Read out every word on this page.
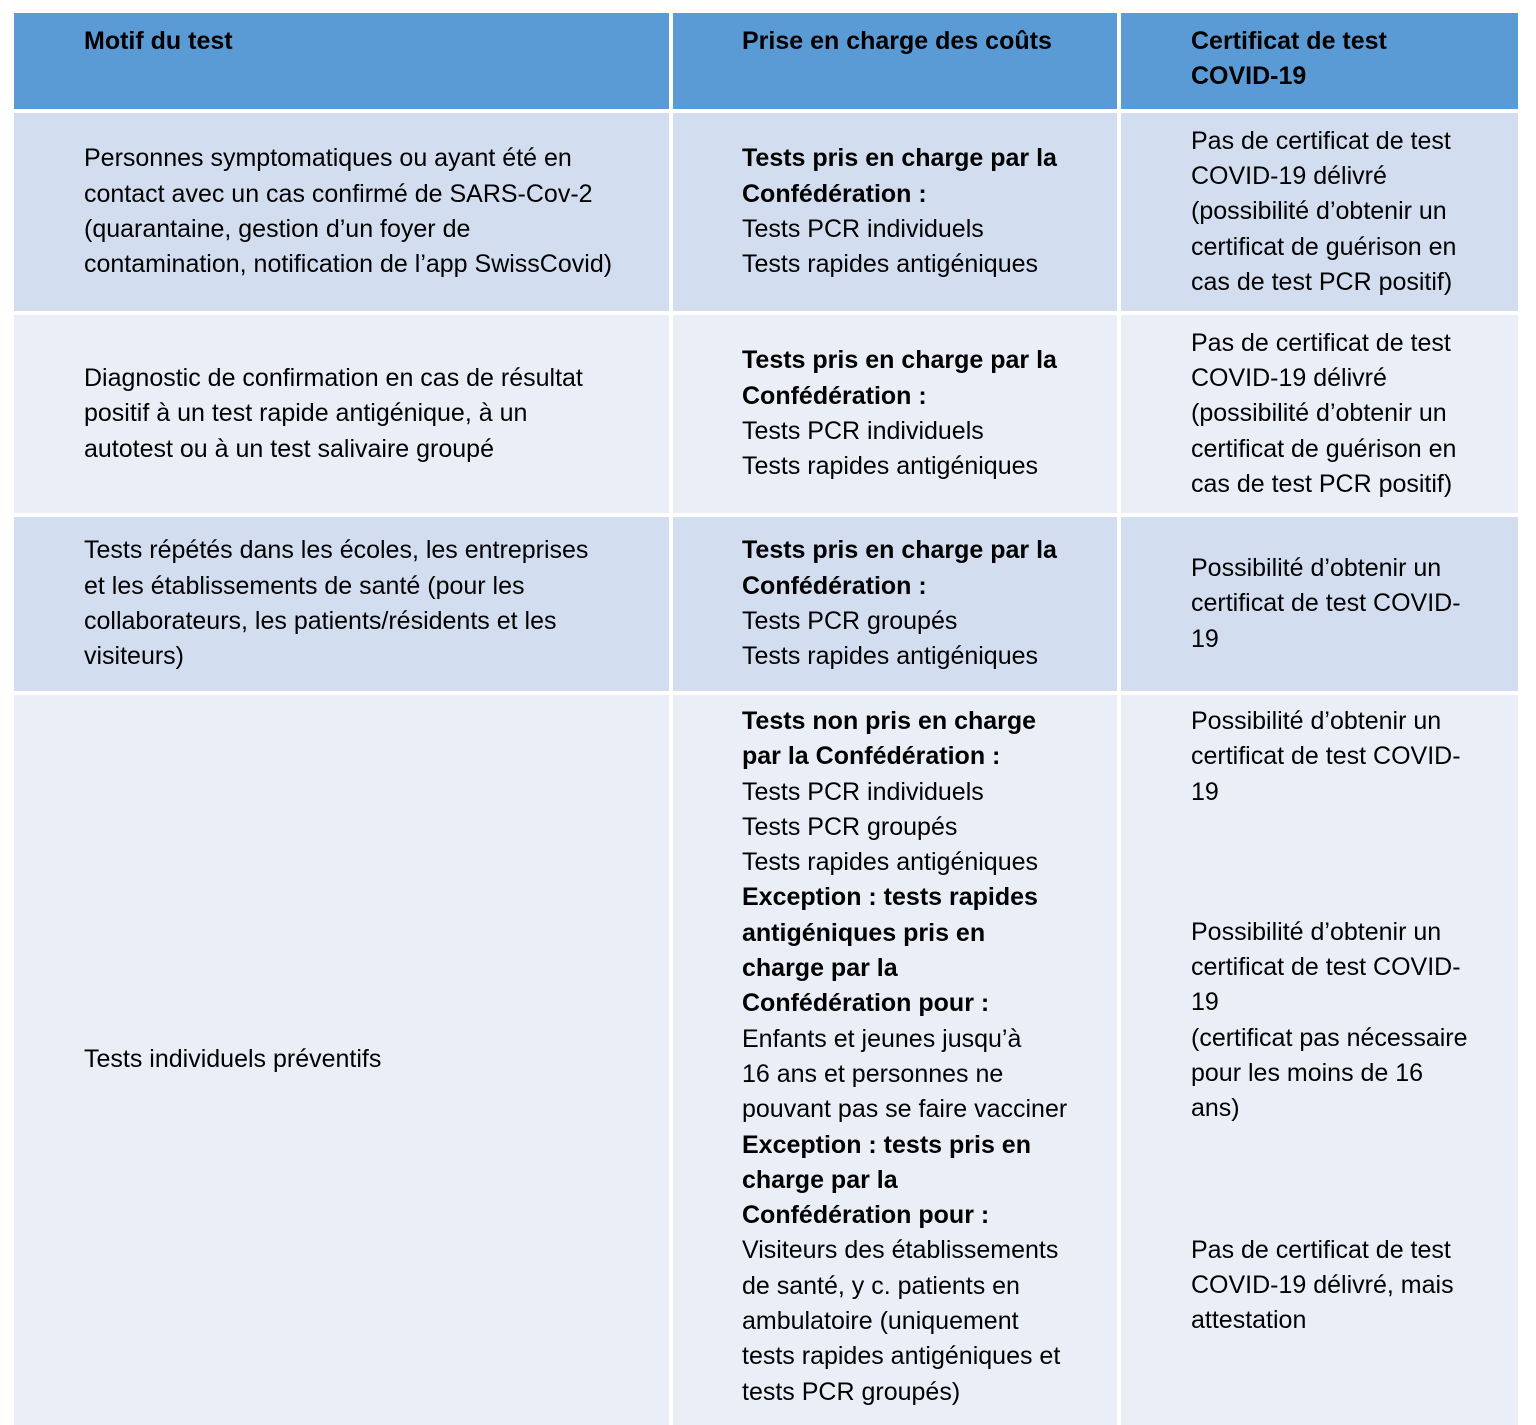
Motif du test	Prise en charge des coûts	Certificat de test
COVID-19
Personnes symptomatiques ou ayant été en
contact avec un cas confirmé de SARS-Cov-2
(quarantaine, gestion d’un foyer de
contamination, notification de l’app SwissCovid)
Tests pris en charge par la
Confédération :
Tests PCR individuels
Tests rapides antigéniques
Pas de certificat de test
COVID-19 délivré
(possibilité d’obtenir un
certificat de guérison en
cas de test PCR positif)
Diagnostic de confirmation en cas de résultat
positif à un test rapide antigénique, à un
autotest ou à un test salivaire groupé
Tests pris en charge par la
Confédération :
Tests PCR individuels
Tests rapides antigéniques
Pas de certificat de test
COVID-19 délivré
(possibilité d’obtenir un
certificat de guérison en
cas de test PCR positif)
Tests répétés dans les écoles, les entreprises
et les établissements de santé (pour les
collaborateurs, les patients/résidents et les
visiteurs)
Tests pris en charge par la
Confédération :
Tests PCR groupés
Tests rapides antigéniques
Possibilité d’obtenir un
certificat de test COVID-
19
Tests individuels préventifs
Tests non pris en charge
par la Confédération :
Tests PCR individuels
Tests PCR groupés
Tests rapides antigéniques
Exception : tests rapides
antigéniques pris en
charge par la
Confédération pour :
Enfants et jeunes jusqu’à
16 ans et personnes ne
pouvant pas se faire vacciner
Exception : tests pris en
charge par la
Confédération pour :
Visiteurs des établissements
de santé, y c. patients en
ambulatoire (uniquement
tests rapides antigéniques et
tests PCR groupés)
Possibilité d’obtenir un
certificat de test COVID-
19
Possibilité d’obtenir un
certificat de test COVID-
19
(certificat pas nécessaire
pour les moins de 16
ans)
Pas de certificat de test
COVID-19 délivré, mais
attestation
